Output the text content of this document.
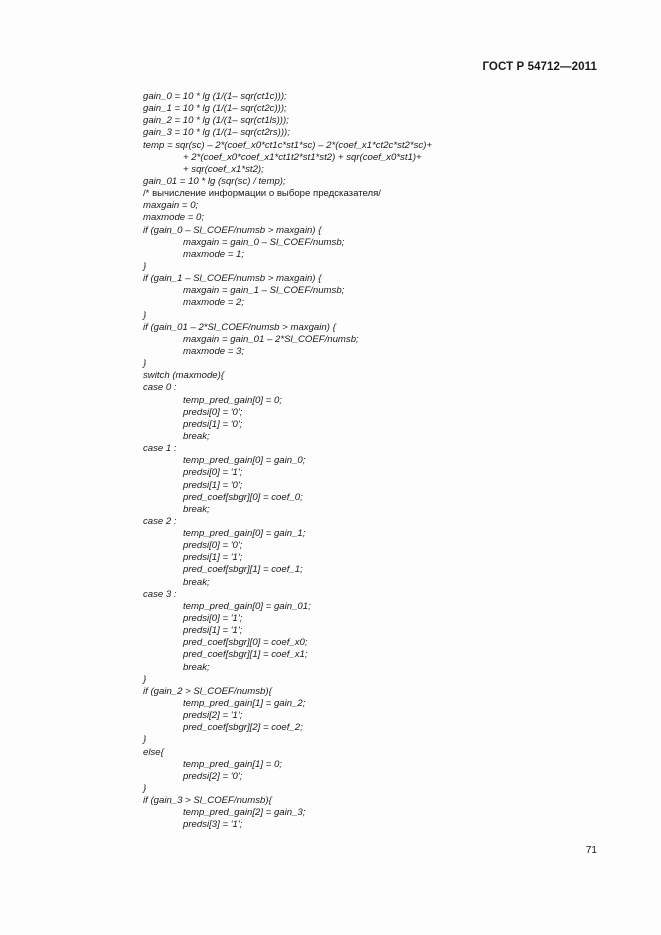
ГОСТ Р 54712—2011
gain_0 = 10 * lg (1/(1– sqr(ct1c)));
gain_1 = 10 * lg (1/(1– sqr(ct2c)));
gain_2 = 10 * lg (1/(1– sqr(ct1ls)));
gain_3 = 10 * lg (1/(1– sqr(ct2rs)));
temp = sqr(sc) – 2*(coef_x0*ct1c*st1*sc) – 2*(coef_x1*ct2c*st2*sc)+
+ 2*(coef_x0*coef_x1*ct1t2*st1*st2) + sqr(coef_x0*st1)+
+ sqr(coef_x1*st2);
gain_01 = 10 * lg (sqr(sc) / temp);
/* вычисление информации о выборе предсказателя/
maxgain = 0;
maxmode = 0;
if (gain_0 – Sl_COEF/numsb > maxgain) {
maxgain = gain_0 – Sl_COEF/numsb;
maxmode = 1;
}
if (gain_1 – Sl_COEF/numsb > maxgain) {
maxgain = gain_1 – Sl_COEF/numsb;
maxmode = 2;
}
if (gain_01 – 2*Sl_COEF/numsb > maxgain) {
maxgain = gain_01 – 2*Sl_COEF/numsb;
maxmode = 3;
}
switch (maxmode){
case 0 :
temp_pred_gain[0] = 0;
predsi[0] = '0';
predsi[1] = '0';
break;
case 1 :
temp_pred_gain[0] = gain_0;
predsi[0] = '1';
predsi[1] = '0';
pred_coef[sbgr][0] = coef_0;
break;
case 2 :
temp_pred_gain[0] = gain_1;
predsi[0] = '0';
predsi[1] = '1';
pred_coef[sbgr][1] = coef_1;
break;
case 3 :
temp_pred_gain[0] = gain_01;
predsi[0] = '1';
predsi[1] = '1';
pred_coef[sbgr][0] = coef_x0;
pred_coef[sbgr][1] = coef_x1;
break;
}
if (gain_2 > Sl_COEF/numsb){
temp_pred_gain[1] = gain_2;
predsi[2] = '1';
pred_coef[sbgr][2] = coef_2;
}
else{
temp_pred_gain[1] = 0;
predsi[2] = '0';
}
if (gain_3 > Sl_COEF/numsb){
temp_pred_gain[2] = gain_3;
predsi[3] = '1';
71
